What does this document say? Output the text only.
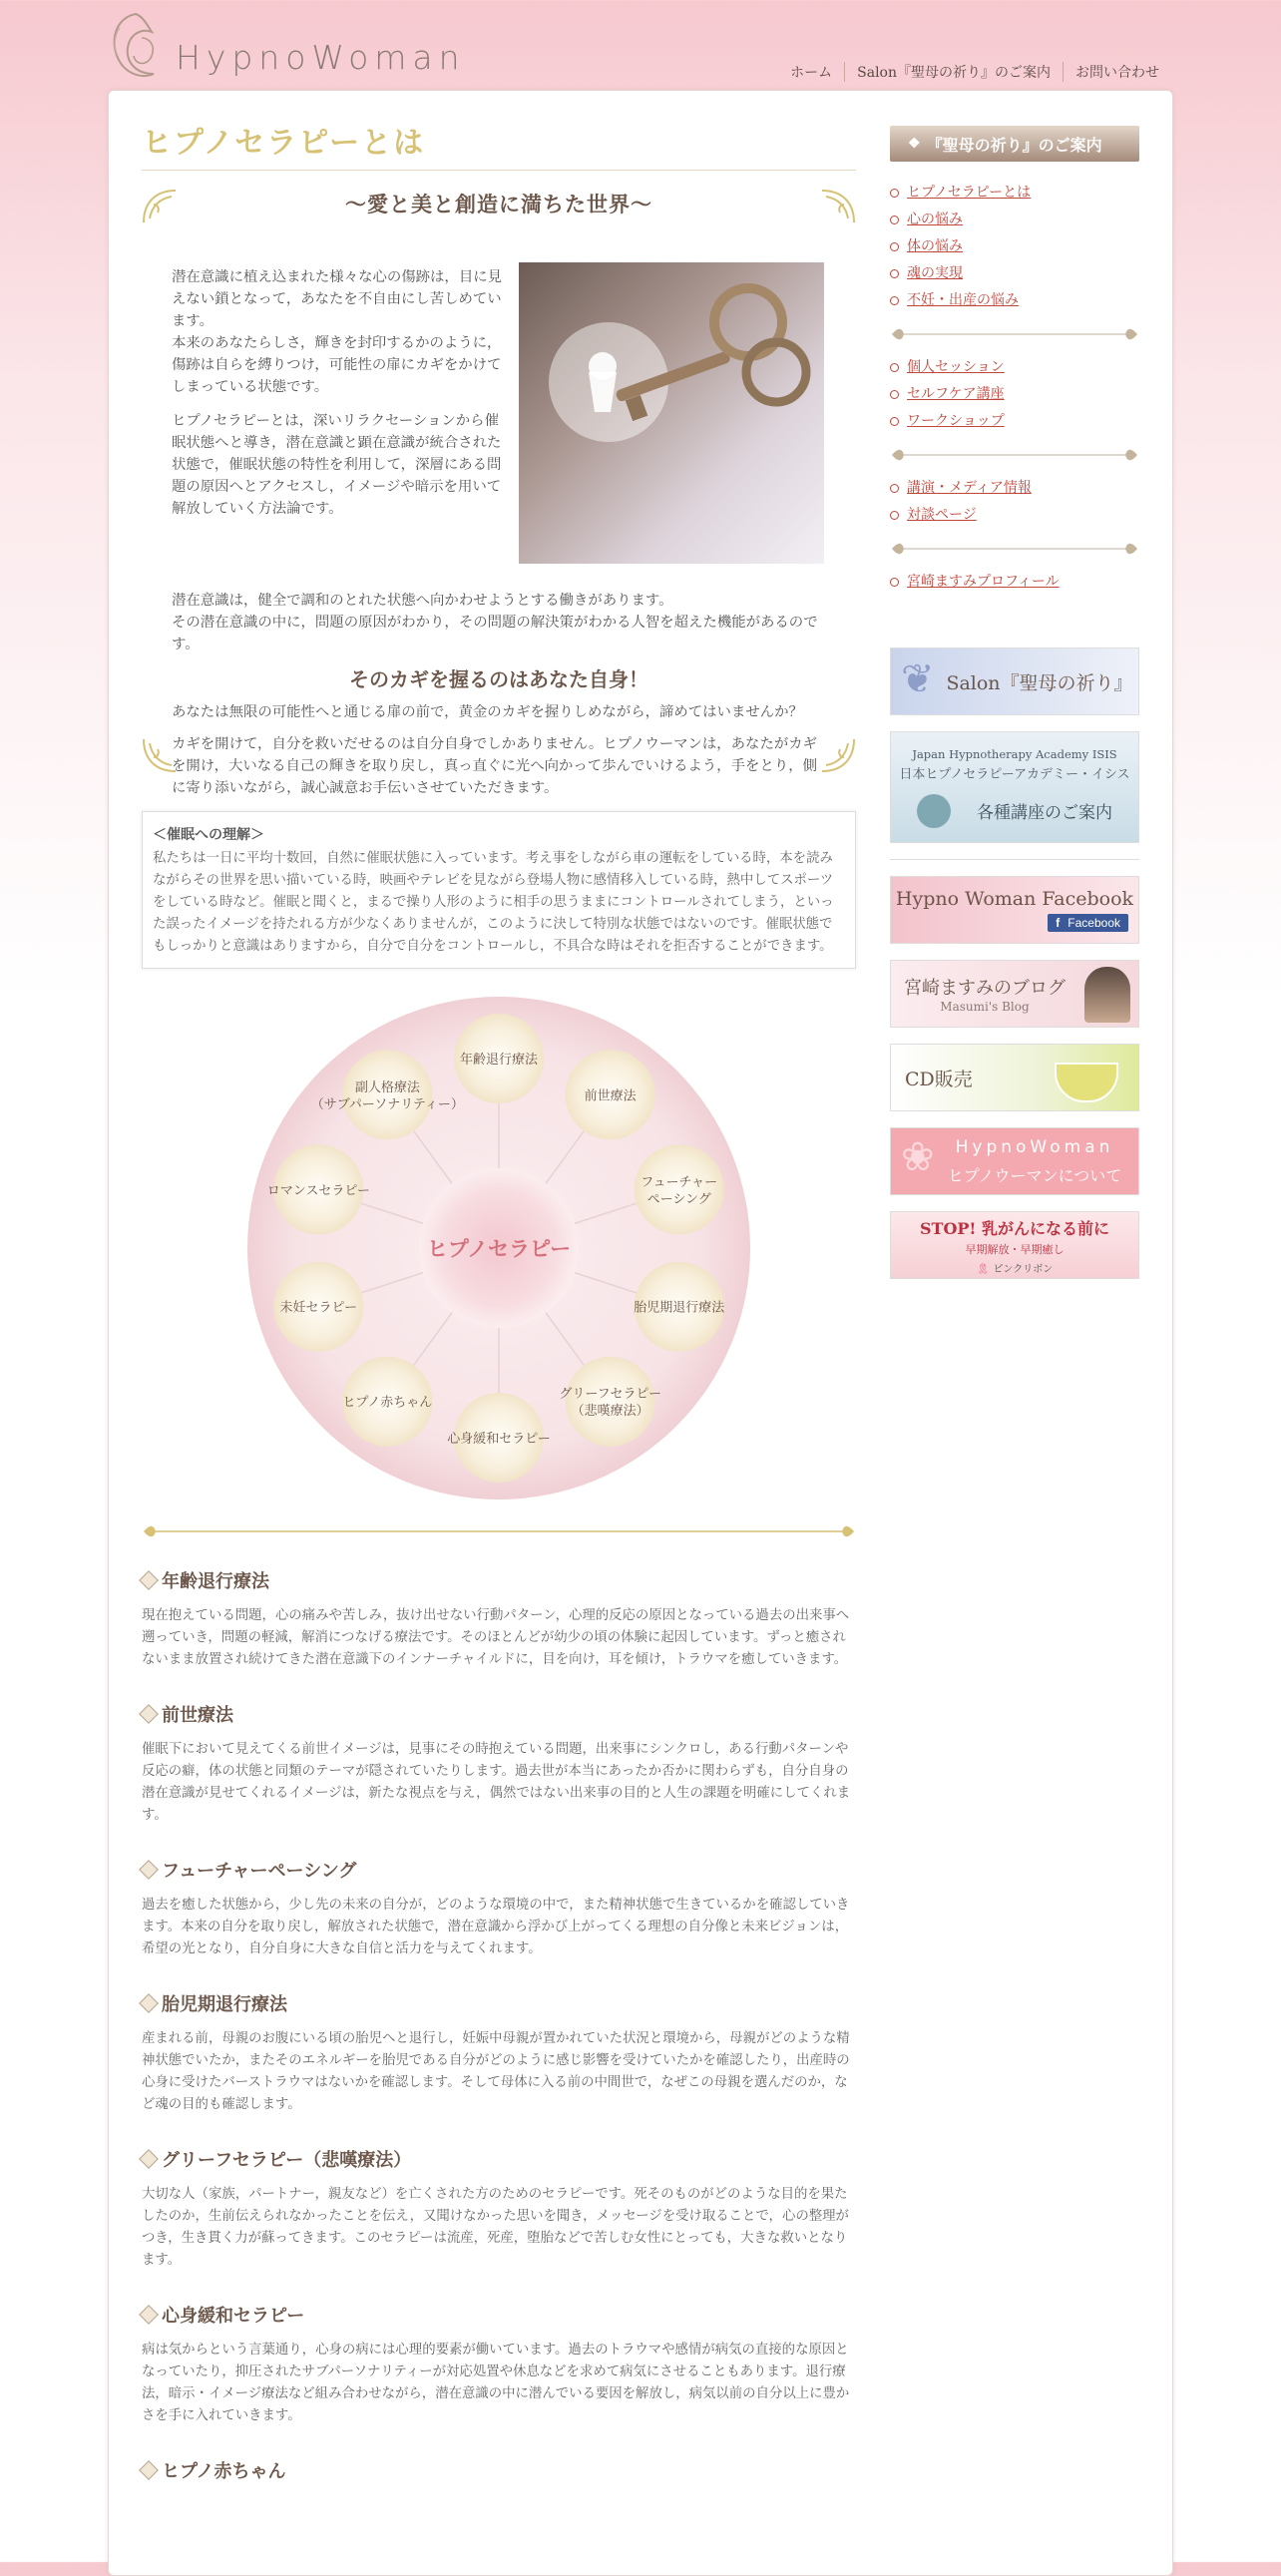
HypnoWoman	ホーム	Salon『聖母の祈り』のご案内	お問い合わせ
ヒプノセラピーとは
～愛と美と創造に満ちた世界～

潜在意識に植え込まれた様々な心の傷跡は，目に見えない鎖となって，あなたを不自由にし苦しめています。
本来のあなたらしさ，輝きを封印するかのように，傷跡は自らを縛りつけ，可能性の扉にカギをかけてしまっている状態です。

ヒプノセラピーとは，深いリラクセーションから催眠状態へと導き，潜在意識と顕在意識が統合された状態で，催眠状態の特性を利用して，深層にある問題の原因へとアクセスし，イメージや暗示を用いて解放していく方法論です。

潜在意識は，健全で調和のとれた状態へ向かわせようとする働きがあります。
その潜在意識の中に，問題の原因がわかり，その問題の解決策がわかる人智を超えた機能があるのです。

そのカギを握るのはあなた自身！

あなたは無限の可能性へと通じる扉の前で，黄金のカギを握りしめながら，諦めてはいませんか？

カギを開けて，自分を救いだせるのは自分自身でしかありません。ヒプノウーマンは，あなたがカギを開け，大いなる自己の輝きを取り戻し，真っ直ぐに光へ向かって歩んでいけるよう，手をとり，側に寄り添いながら，誠心誠意お手伝いさせていただきます。

＜催眠への理解＞

私たちは一日に平均十数回，自然に催眠状態に入っています。考え事をしながら車の運転をしている時，本を読みながらその世界を思い描いている時，映画やテレビを見ながら登場人物に感情移入している時，熱中してスポーツをしている時など。催眠と聞くと，まるで操り人形のように相手の思うままにコントロールされてしまう，といった誤ったイメージを持たれる方が少なくありませんが，このように決して特別な状態ではないのです。催眠状態でもしっかりと意識はありますから，自分で自分をコントロールし，不具合な時はそれを拒否することができます。

ヒプノセラピー
年齢退行療法
前世療法
フューチャーペーシング
胎児期退行療法
グリーフセラピー（悲嘆療法）
心身緩和セラピー
ヒプノ赤ちゃん
未妊セラピー
ロマンスセラピー
副人格療法（サブパーソナリティー）
年齢退行療法

現在抱えている問題，心の痛みや苦しみ，抜け出せない行動パターン，心理的反応の原因となっている過去の出来事へ遡っていき，問題の軽減，解消につなげる療法です。そのほとんどが幼少の頃の体験に起因しています。ずっと癒されないまま放置され続けてきた潜在意識下のインナーチャイルドに，目を向け，耳を傾け，トラウマを癒していきます。

前世療法

催眠下において見えてくる前世イメージは，見事にその時抱えている問題，出来事にシンクロし，ある行動パターンや反応の癖，体の状態と同類のテーマが隠されていたりします。過去世が本当にあったか否かに関わらずも，自分自身の潜在意識が見せてくれるイメージは，新たな視点を与え，偶然ではない出来事の目的と人生の課題を明確にしてくれます。

フューチャーペーシング

過去を癒した状態から，少し先の未来の自分が，どのような環境の中で，また精神状態で生きているかを確認していきます。本来の自分を取り戻し，解放された状態で，潜在意識から浮かび上がってくる理想の自分像と未来ビジョンは，希望の光となり，自分自身に大きな自信と活力を与えてくれます。

胎児期退行療法

産まれる前，母親のお腹にいる頃の胎児へと退行し，妊娠中母親が置かれていた状況と環境から，母親がどのような精神状態でいたか，またそのエネルギーを胎児である自分がどのように感じ影響を受けていたかを確認したり，出産時の心身に受けたバーストラウマはないかを確認します。そして母体に入る前の中間世で，なぜこの母親を選んだのか，など魂の目的も確認します。

グリーフセラピー（悲嘆療法）

大切な人（家族，パートナー，親友など）を亡くされた方のためのセラピーです。死そのものがどのような目的を果たしたのか，生前伝えられなかったことを伝え，又聞けなかった思いを聞き，メッセージを受け取ることで，心の整理がつき，生き貫く力が蘇ってきます。このセラピーは流産，死産，堕胎などで苦しむ女性にとっても，大きな救いとなります。

心身緩和セラピー

病は気からという言葉通り，心身の病には心理的要素が働いています。過去のトラウマや感情が病気の直接的な原因となっていたり，抑圧されたサブパーソナリティーが対応処置や休息などを求めて病気にさせることもあります。退行療法，暗示・イメージ療法など組み合わせながら，潜在意識の中に潜んでいる要因を解放し，病気以前の自分以上に豊かさを手に入れていきます。

ヒプノ赤ちゃん
❖ 『聖母の祈り』のご案内
ヒプノセラピーとは
心の悩み
体の悩み
魂の実現
不妊・出産の悩み
個人セッション
セルフケア講座
ワークショップ
講演・メディア情報
対談ページ
宮崎ますみプロフィール
❦ Salon『聖母の祈り』
Japan Hypnotherapy Academy ISIS
日本ヒプノセラピーアカデミー・イシス
各種講座のご案内
Hypno Woman Facebook
f Facebook
宮崎ますみのブログ
Masumi's Blog
CD販売
HypnoWoman
ヒプノウーマンについて
❀
STOP! 乳がんになる前に
早期解放・早期癒し
🎗 ピンクリボン
